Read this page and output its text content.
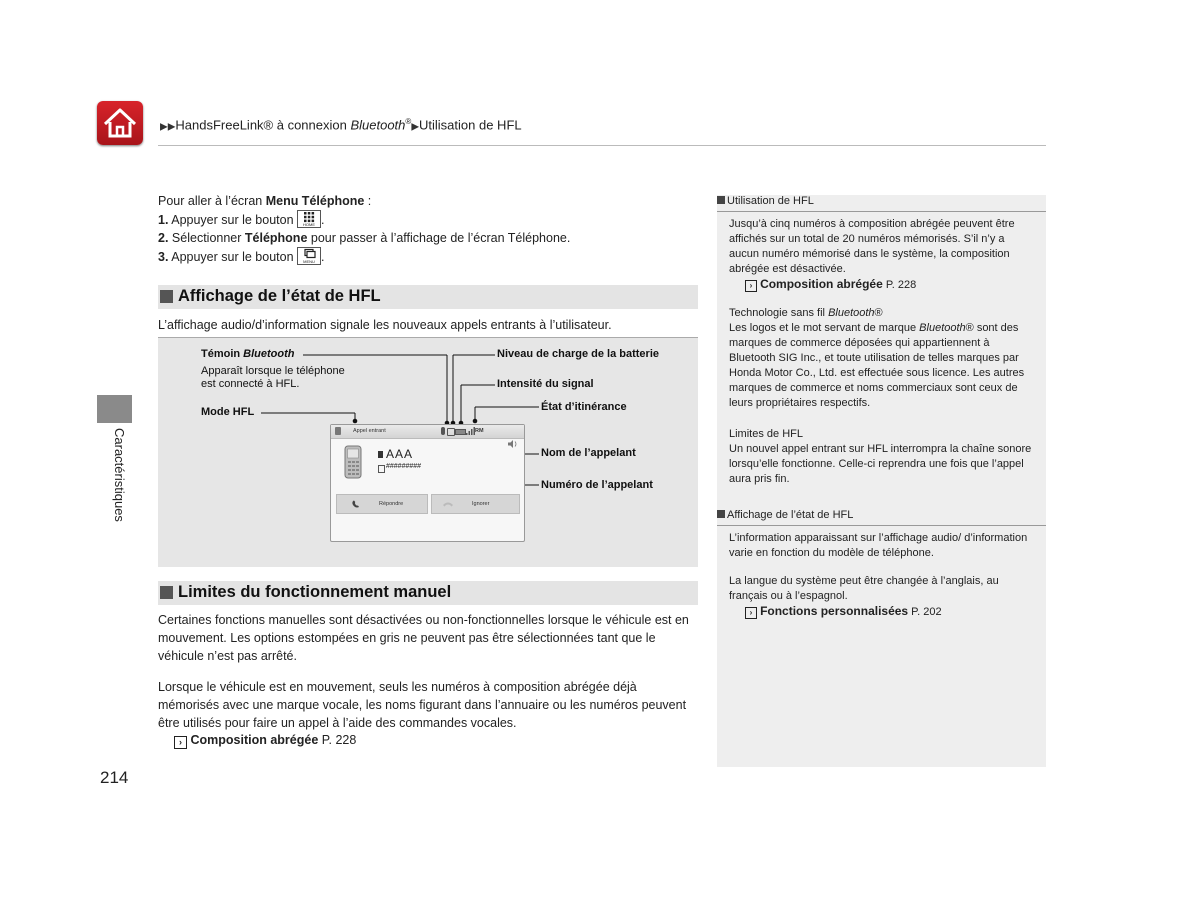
▶▶HandsFreeLink® à connexion Bluetooth®▶Utilisation de HFL
Caractéristiques
Pour aller à l’écran Menu Téléphone :
1. Appuyer sur le bouton	HOME .
2. Sélectionner Téléphone pour passer à l’affichage de l’écran Téléphone.
3. Appuyer sur le bouton	MENU .
Affichage de l’état de HFL
L’affichage audio/d’information signale les nouveaux appels entrants à l’utilisateur.
Témoin Bluetooth
Apparaît lorsque le téléphone
est connecté à HFL.
Mode HFL
Niveau de charge de la batterie
Intensité du signal
État d’itinérance
Nom de l’appelant
Numéro de l’appelant
Appel entrant	RM
AAA
#########
Répondre	Ignorer
Limites du fonctionnement manuel
Certaines fonctions manuelles sont désactivées ou non-fonctionnelles lorsque le véhicule est en mouvement. Les options estompées en gris ne peuvent pas être sélectionnées tant que le véhicule n’est pas arrêté.
Lorsque le véhicule est en mouvement, seuls les numéros à composition abrégée déjà mémorisés avec une marque vocale, les noms figurant dans l’annuaire ou les numéros peuvent être utilisés pour faire un appel à l’aide des commandes vocales.
› Composition abrégée P. 228
Utilisation de HFL
Jusqu’à cinq numéros à composition abrégée peuvent être affichés sur un total de 20 numéros mémorisés. S’il n’y a aucun numéro mémorisé dans le système, la composition abrégée est désactivée.
› Composition abrégée P. 228
Technologie sans fil Bluetooth®
Les logos et le mot servant de marque Bluetooth® sont des marques de commerce déposées qui appartiennent à Bluetooth SIG Inc., et toute utilisation de telles marques par Honda Motor Co., Ltd. est effectuée sous licence. Les autres marques de commerce et noms commerciaux sont ceux de leurs propriétaires respectifs.
Limites de HFL
Un nouvel appel entrant sur HFL interrompra la chaîne sonore lorsqu’elle fonctionne. Celle-ci reprendra une fois que l’appel aura pris fin.
Affichage de l’état de HFL
L’information apparaissant sur l’affichage audio/ d’information varie en fonction du modèle de téléphone.
La langue du système peut être changée à l’anglais, au français ou à l’espagnol.
› Fonctions personnalisées P. 202
214
